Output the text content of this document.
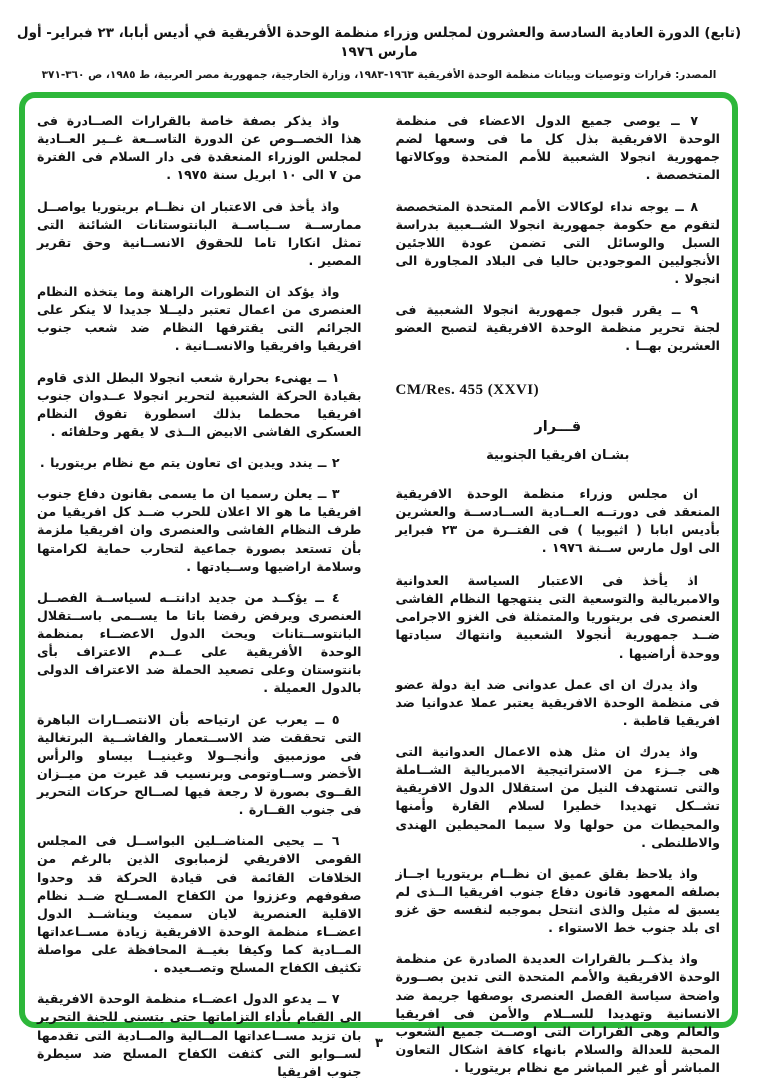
(تابع) الدورة العادية السادسة والعشرون لمجلس وزراء منظمة الوحدة الأفريقية في أديس أبابا، ٢٣ فبراير- أول مارس ١٩٧٦
المصدر: قرارات وتوصيات وبيانات منظمة الوحدة الأفريقية ١٩٦٣-١٩٨٣، وزارة الخارجية، جمهورية مصر العربية، ط ١٩٨٥، ص ٣٦٠-٣٧١

٧ ــ يوصى جميع الدول الاعضاء فى منظمة الوحدة الافريقية بذل كل ما فى وسعها لضم جمهورية انجولا الشعبية للأمم المتحدة ووكالاتها المتخصصة .

٨ ــ يوجه نداء لوكالات الأمم المتحدة المتخصصة لتقوم مع حكومة جمهورية انجولا الشــعبية بدراسة السبل والوسائل التى تضمن عودة اللاجئين الأنجوليين الموجودين حاليا فى البلاد المجاورة الى انجولا .

٩ ــ يقرر قبول جمهورية انجولا الشعبية فى لجنة تحرير منظمة الوحدة الافريقية لتصبح العضو العشرين بهــا .

CM/Res. 455 (XXVI)
قـــرار
بشـان افريقيا الجنوبية

ان مجلس وزراء منظمة الوحدة الافريقية المنعقد فى دورتــه العــادية الســادســة والعشرين بأديس ابابا ( اثيوبيا ) فى الفتــرة من ٢٣ فبراير الى اول مارس ســنة ١٩٧٦ .

اذ يأخذ فى الاعتبار السياسة العدوانية والامبريالية والتوسعية التى ينتهجها النظام الفاشى العنصرى فى بريتوريا والمتمثلة فى الغزو الاجرامى ضــد جمهورية أنجولا الشعبية وانتهاك سيادتها ووحدة أراضيها .

واذ يدرك ان اى عمل عدوانى ضد اية دولة عضو فى منظمة الوحدة الافريقية يعتبر عملا عدوانيا ضد افريقيا قاطبة .

واذ يدرك ان مثل هذه الاعمال العدوانية التى هى جــزء من الاستراتيجية الامبريالية الشــاملة والتى تستهدف النيل من استقلال الدول الافريقية تشــكل تهديدا خطيرا لسلام القارة وأمنها والمحيطات من حولها ولا سيما المحيطين الهندى والاطلنطى .

واذ يلاحظ بقلق عميق ان نظــام بريتوريا اجــاز بصلفه المعهود قانون دفاع جنوب افريقيا الــذى لم يسبق له مثيل والذى انتحل بموجبه لنفسه حق غزو اى بلد جنوب خط الاستواء .

واذ يذكــر بالقرارات العديدة الصادرة عن منظمة الوحدة الافريقية والأمم المتحدة التى تدين بصــورة واضحة سياسة الفصل العنصرى بوصفها جريمة ضد الانسانية وتهديدا للســلام والأمن فى افريقيا والعالم وهى القرارات التى اوصــت جميع الشعوب المحبة للعدالة والسلام بانهاء كافة اشكال التعاون المباشر أو غير المباشر مع نظام بريتوريا .

واذ يذكر بصفة خاصة بالقرارات الصــادرة فى هذا الخصــوص عن الدورة التاســعة غــير العــادية لمجلس الوزراء المنعقدة فى دار السلام فى الفترة من ٧ الى ١٠ ابريل سنة ١٩٧٥ .

واذ يأخذ فى الاعتبار ان نظــام بريتوريا يواصــل ممارســة ســياســة البانتوستانات الشائنة التى تمثل انكارا تاما للحقوق الانســانية وحق تقرير المصير .

واذ يؤكد ان التطورات الراهنة وما يتخذه النظام العنصرى من اعمال تعتبر دليــلا جديدا لا ينكر على الجرائم التى يقترفها النظام ضد شعب جنوب افريقيا وافريقيا والانســانية .

١ ــ يهنىء بحرارة شعب انجولا البطل الذى قاوم بقيادة الحركة الشعبية لتحرير انجولا عــدوان جنوب افريقيا محطما بذلك اسطورة تفوق النظام العسكرى الفاشى الابيض الــذى لا يقهر وحلفائه .

٢ ــ يندد ويدين اى تعاون يتم مع نظام بريتوريا .

٣ ــ يعلن رسميا ان ما يسمى بقانون دفاع جنوب افريقيا ما هو الا اعلان للحرب ضــد كل افريقيا من طرف النظام الفاشى والعنصرى وان افريقيا ملزمة بأن تستعد بصورة جماعية لتحارب حماية لكرامتها وسلامة اراضيها وســيادتها .

٤ ــ يؤكــد من جديد ادانتــه لسياســة الفصــل العنصرى ويرفض رفضا باتا ما يســمى باســتقلال البانتوســتانات ويحث الدول الاعضــاء بمنظمة الوحدة الأفريقية على عــدم الاعتراف بأى بانتوستان وعلى تصعيد الحملة ضد الاعتراف الدولى بالدول العميلة .

٥ ــ يعرب عن ارتياحه بأن الانتصــارات الباهرة التى تحققت ضد الاســتعمار والفاشــية البرتغالية فى موزمبيق وأنجــولا وغينيــا بيساو والرأس الأخضر وســاوتومى وبرنسيب قد غيرت من ميــزان القــوى بصورة لا رجعة فيها لصــالح حركات التحرير فى جنوب القــارة .

٦ ــ يحيى المناضــلين البواســل فى المجلس القومى الافريقي لزمبابوى الذين بالرغم من الخلافات القائمة فى قيادة الحركة قد وحدوا صفوفهم وعززوا من الكفاح المســلح ضــد نظام الاقلية العنصرية لايان سميث ويناشــد الدول اعضــاء منظمة الوحدة الافريقية زيادة مســاعداتها المــادية كما وكيفا بغيــة المحافظة على مواصلة تكثيف الكفاح المسلح وتصــعيده .

٧ ــ يدعو الدول اعضــاء منظمة الوحدة الافريقية الى القيام بأداء التزاماتها حتى يتسنى للجنة التحرير بان تزيد مســاعداتها المــالية والمــادية التى تقدمها لســوابو التى كثفت الكفاح المسلح ضد سيطرة جنوب افريقيا

٣
